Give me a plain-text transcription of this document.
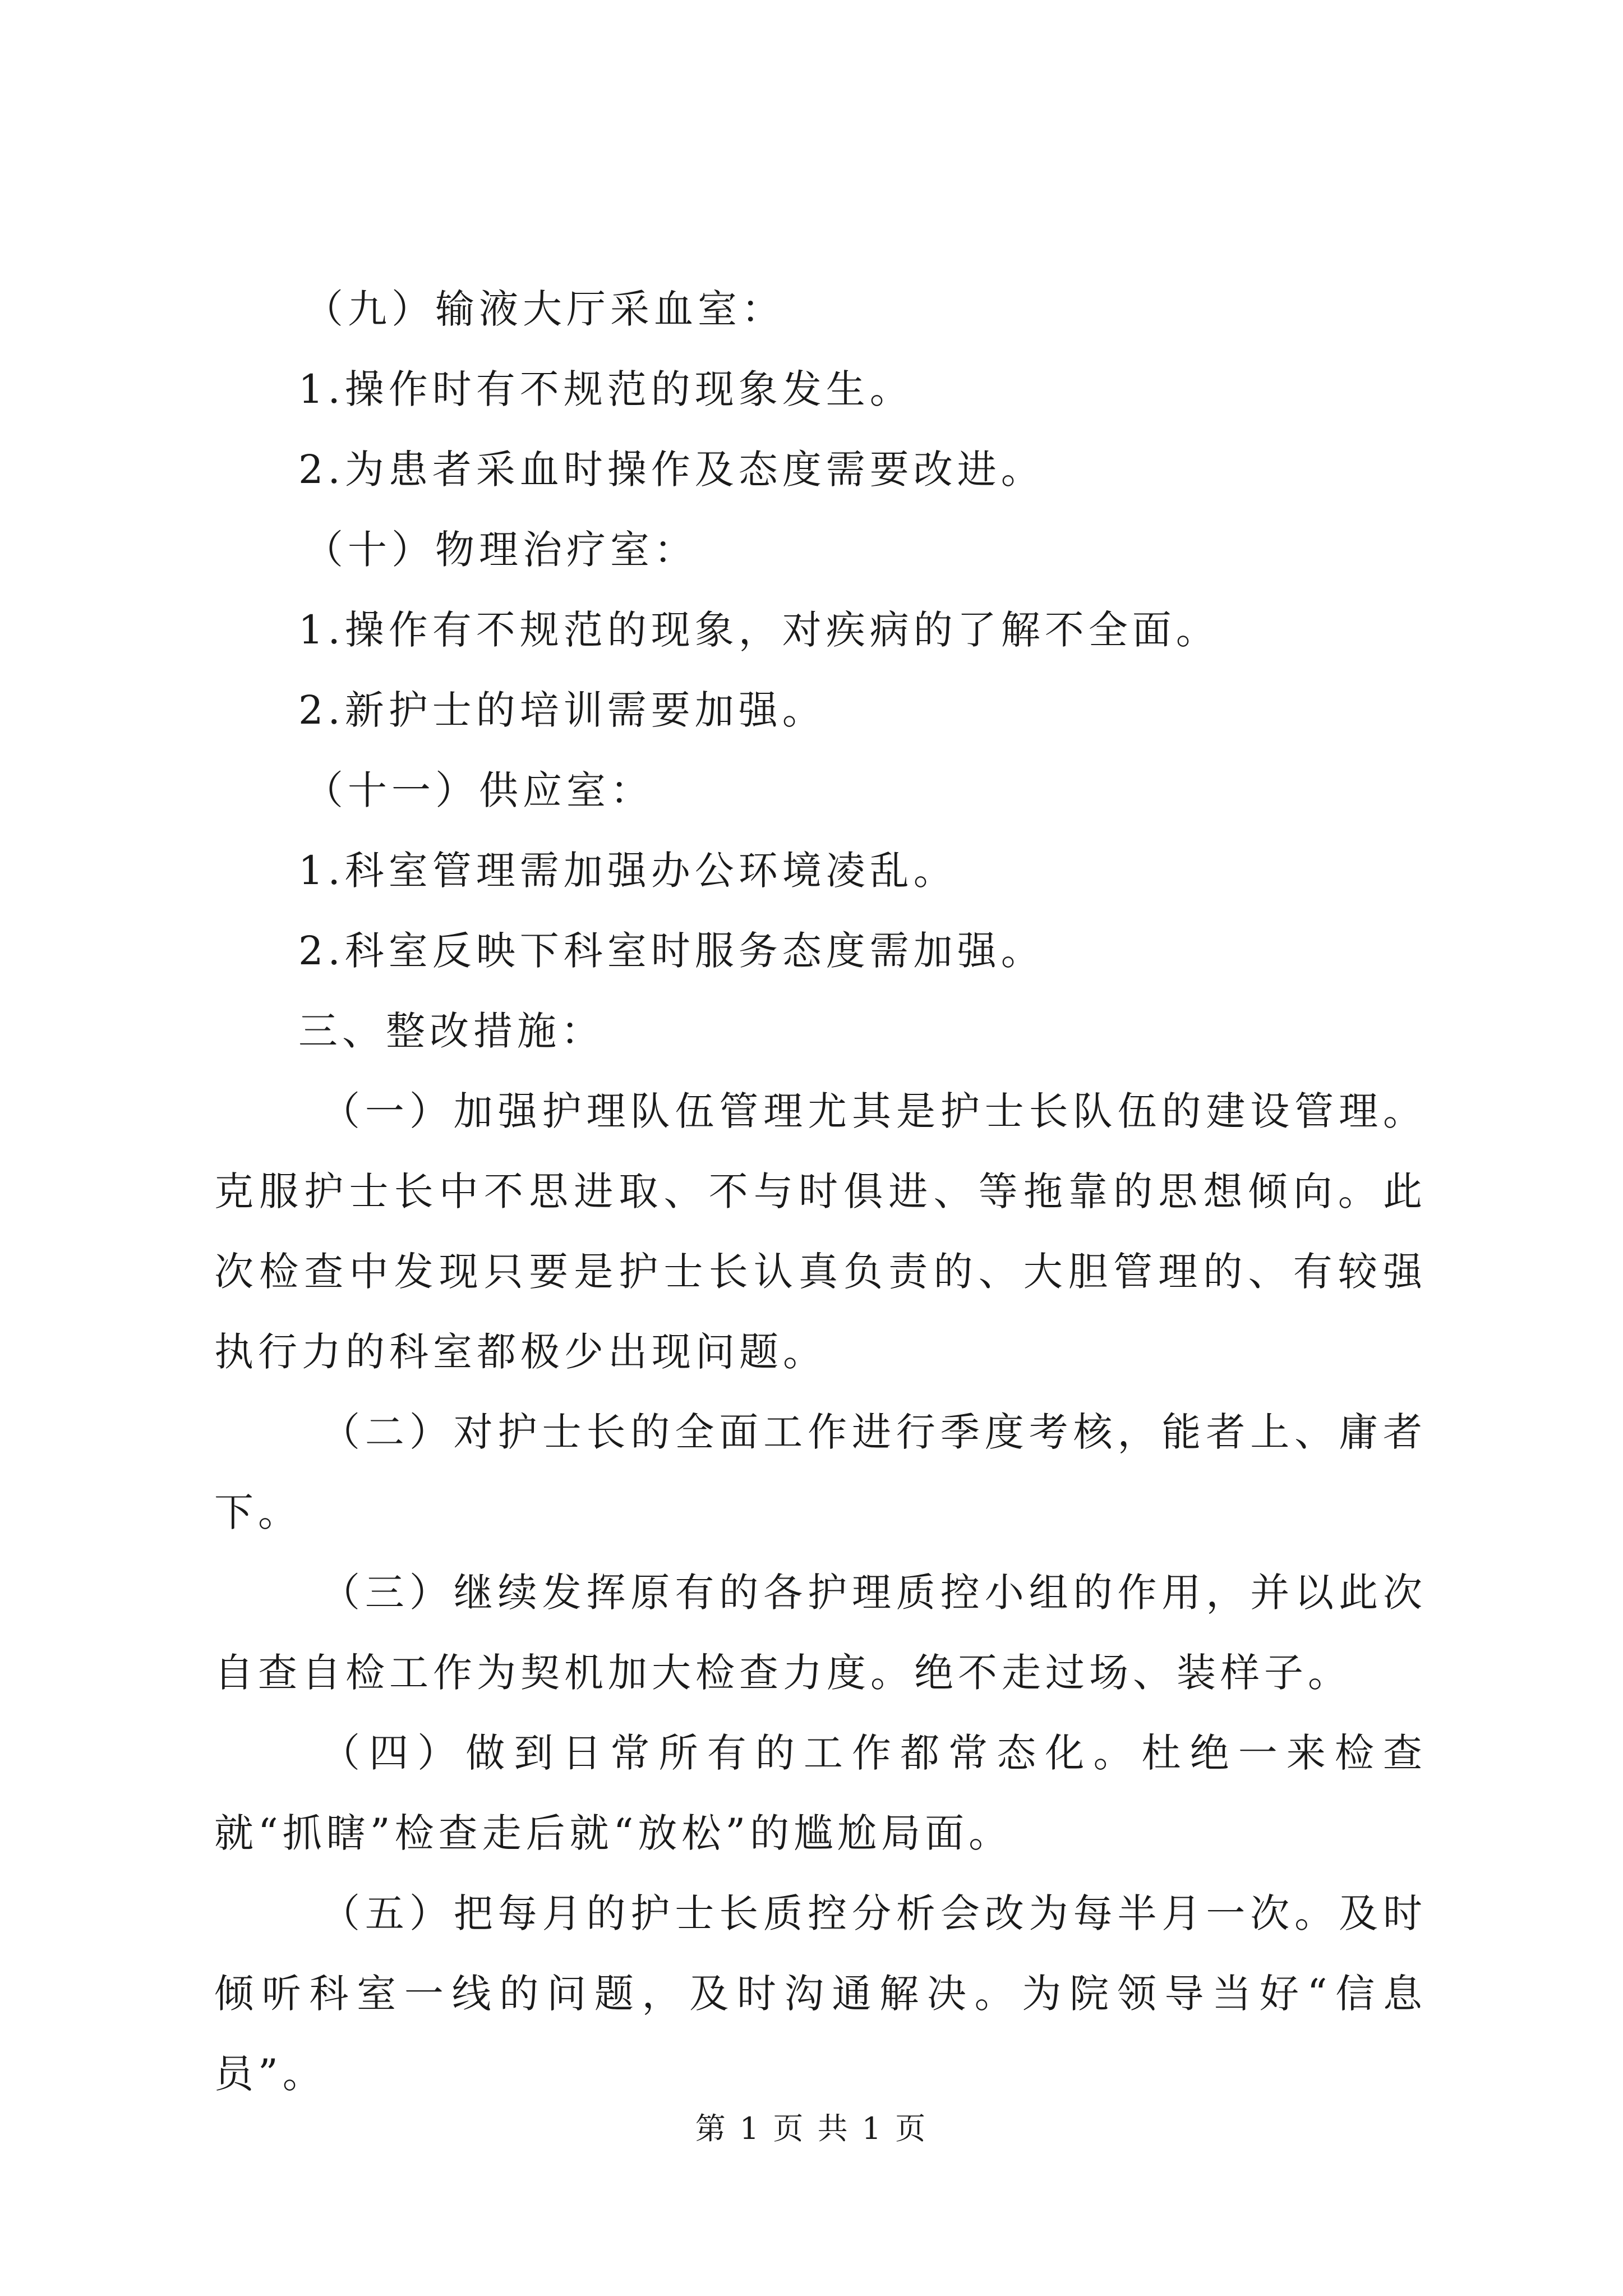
（九）输液大厅采血室：
1.操作时有不规范的现象发生。
2.为患者采血时操作及态度需要改进。
（十）物理治疗室：
1.操作有不规范的现象，对疾病的了解不全面。
2.新护士的培训需要加强。
（十一）供应室：
1.科室管理需加强办公环境凌乱。
2.科室反映下科室时服务态度需加强。
三、整改措施：
（一）加强护理队伍管理尤其是护士长队伍的建设管理。克服护士长中不思进取、不与时俱进、等拖靠的思想倾向。此次检查中发现只要是护士长认真负责的、大胆管理的、有较强执行力的科室都极少出现问题。
（二）对护士长的全面工作进行季度考核，能者上、庸者下。
（三）继续发挥原有的各护理质控小组的作用，并以此次自查自检工作为契机加大检查力度。绝不走过场、装样子。
（四）做到日常所有的工作都常态化。杜绝一来检查就“抓瞎”检查走后就“放松”的尴尬局面。
（五）把每月的护士长质控分析会改为每半月一次。及时倾听科室一线的问题，及时沟通解决。为院领导当好“信息员”。
第 1 页 共 1 页
